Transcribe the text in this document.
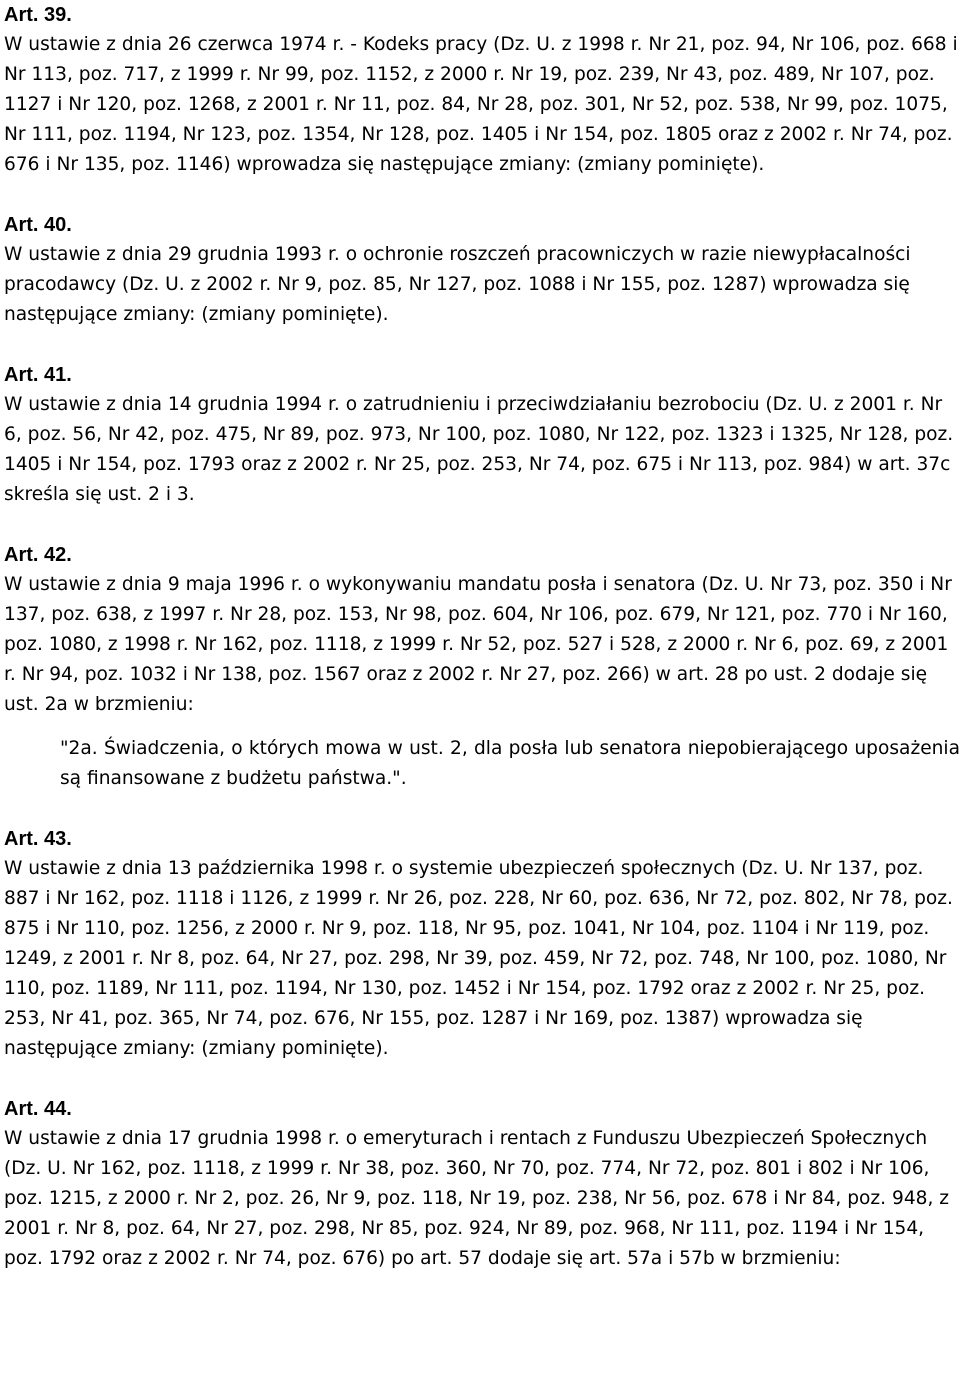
Art. 39.

W ustawie z dnia 26 czerwca 1974 r. - Kodeks pracy (Dz. U. z 1998 r. Nr 21, poz. 94, Nr 106, poz. 668 i Nr 113, poz. 717, z 1999 r. Nr 99, poz. 1152, z 2000 r. Nr 19, poz. 239, Nr 43, poz. 489, Nr 107, poz. 1127 i Nr 120, poz. 1268, z 2001 r. Nr 11, poz. 84, Nr 28, poz. 301, Nr 52, poz. 538, Nr 99, poz. 1075, Nr 111, poz. 1194, Nr 123, poz. 1354, Nr 128, poz. 1405 i Nr 154, poz. 1805 oraz z 2002 r. Nr 74, poz. 676 i Nr 135, poz. 1146) wprowadza się następujące zmiany: (zmiany pominięte).

Art. 40.

W ustawie z dnia 29 grudnia 1993 r. o ochronie roszczeń pracowniczych w razie niewypłacalności pracodawcy (Dz. U. z 2002 r. Nr 9, poz. 85, Nr 127, poz. 1088 i Nr 155, poz. 1287) wprowadza się następujące zmiany: (zmiany pominięte).

Art. 41.

W ustawie z dnia 14 grudnia 1994 r. o zatrudnieniu i przeciwdziałaniu bezrobociu (Dz. U. z 2001 r. Nr 6, poz. 56, Nr 42, poz. 475, Nr 89, poz. 973, Nr 100, poz. 1080, Nr 122, poz. 1323 i 1325, Nr 128, poz. 1405 i Nr 154, poz. 1793 oraz z 2002 r. Nr 25, poz. 253, Nr 74, poz. 675 i Nr 113, poz. 984) w art. 37c skreśla się ust. 2 i 3.

Art. 42.

W ustawie z dnia 9 maja 1996 r. o wykonywaniu mandatu posła i senatora (Dz. U. Nr 73, poz. 350 i Nr 137, poz. 638, z 1997 r. Nr 28, poz. 153, Nr 98, poz. 604, Nr 106, poz. 679, Nr 121, poz. 770 i Nr 160, poz. 1080, z 1998 r. Nr 162, poz. 1118, z 1999 r. Nr 52, poz. 527 i 528, z 2000 r. Nr 6, poz. 69, z 2001 r. Nr 94, poz. 1032 i Nr 138, poz. 1567 oraz z 2002 r. Nr 27, poz. 266) w art. 28 po ust. 2 dodaje się ust. 2a w brzmieniu:

"2a. Świadczenia, o których mowa w ust. 2, dla posła lub senatora niepobierającego uposażenia są finansowane z budżetu państwa.".

Art. 43.

W ustawie z dnia 13 października 1998 r. o systemie ubezpieczeń społecznych (Dz. U. Nr 137, poz. 887 i Nr 162, poz. 1118 i 1126, z 1999 r. Nr 26, poz. 228, Nr 60, poz. 636, Nr 72, poz. 802, Nr 78, poz. 875 i Nr 110, poz. 1256, z 2000 r. Nr 9, poz. 118, Nr 95, poz. 1041, Nr 104, poz. 1104 i Nr 119, poz. 1249, z 2001 r. Nr 8, poz. 64, Nr 27, poz. 298, Nr 39, poz. 459, Nr 72, poz. 748, Nr 100, poz. 1080, Nr 110, poz. 1189, Nr 111, poz. 1194, Nr 130, poz. 1452 i Nr 154, poz. 1792 oraz z 2002 r. Nr 25, poz. 253, Nr 41, poz. 365, Nr 74, poz. 676, Nr 155, poz. 1287 i Nr 169, poz. 1387) wprowadza się następujące zmiany: (zmiany pominięte).

Art. 44.

W ustawie z dnia 17 grudnia 1998 r. o emeryturach i rentach z Funduszu Ubezpieczeń Społecznych (Dz. U. Nr 162, poz. 1118, z 1999 r. Nr 38, poz. 360, Nr 70, poz. 774, Nr 72, poz. 801 i 802 i Nr 106, poz. 1215, z 2000 r. Nr 2, poz. 26, Nr 9, poz. 118, Nr 19, poz. 238, Nr 56, poz. 678 i Nr 84, poz. 948, z 2001 r. Nr 8, poz. 64, Nr 27, poz. 298, Nr 85, poz. 924, Nr 89, poz. 968, Nr 111, poz. 1194 i Nr 154, poz. 1792 oraz z 2002 r. Nr 74, poz. 676) po art. 57 dodaje się art. 57a i 57b w brzmieniu:
